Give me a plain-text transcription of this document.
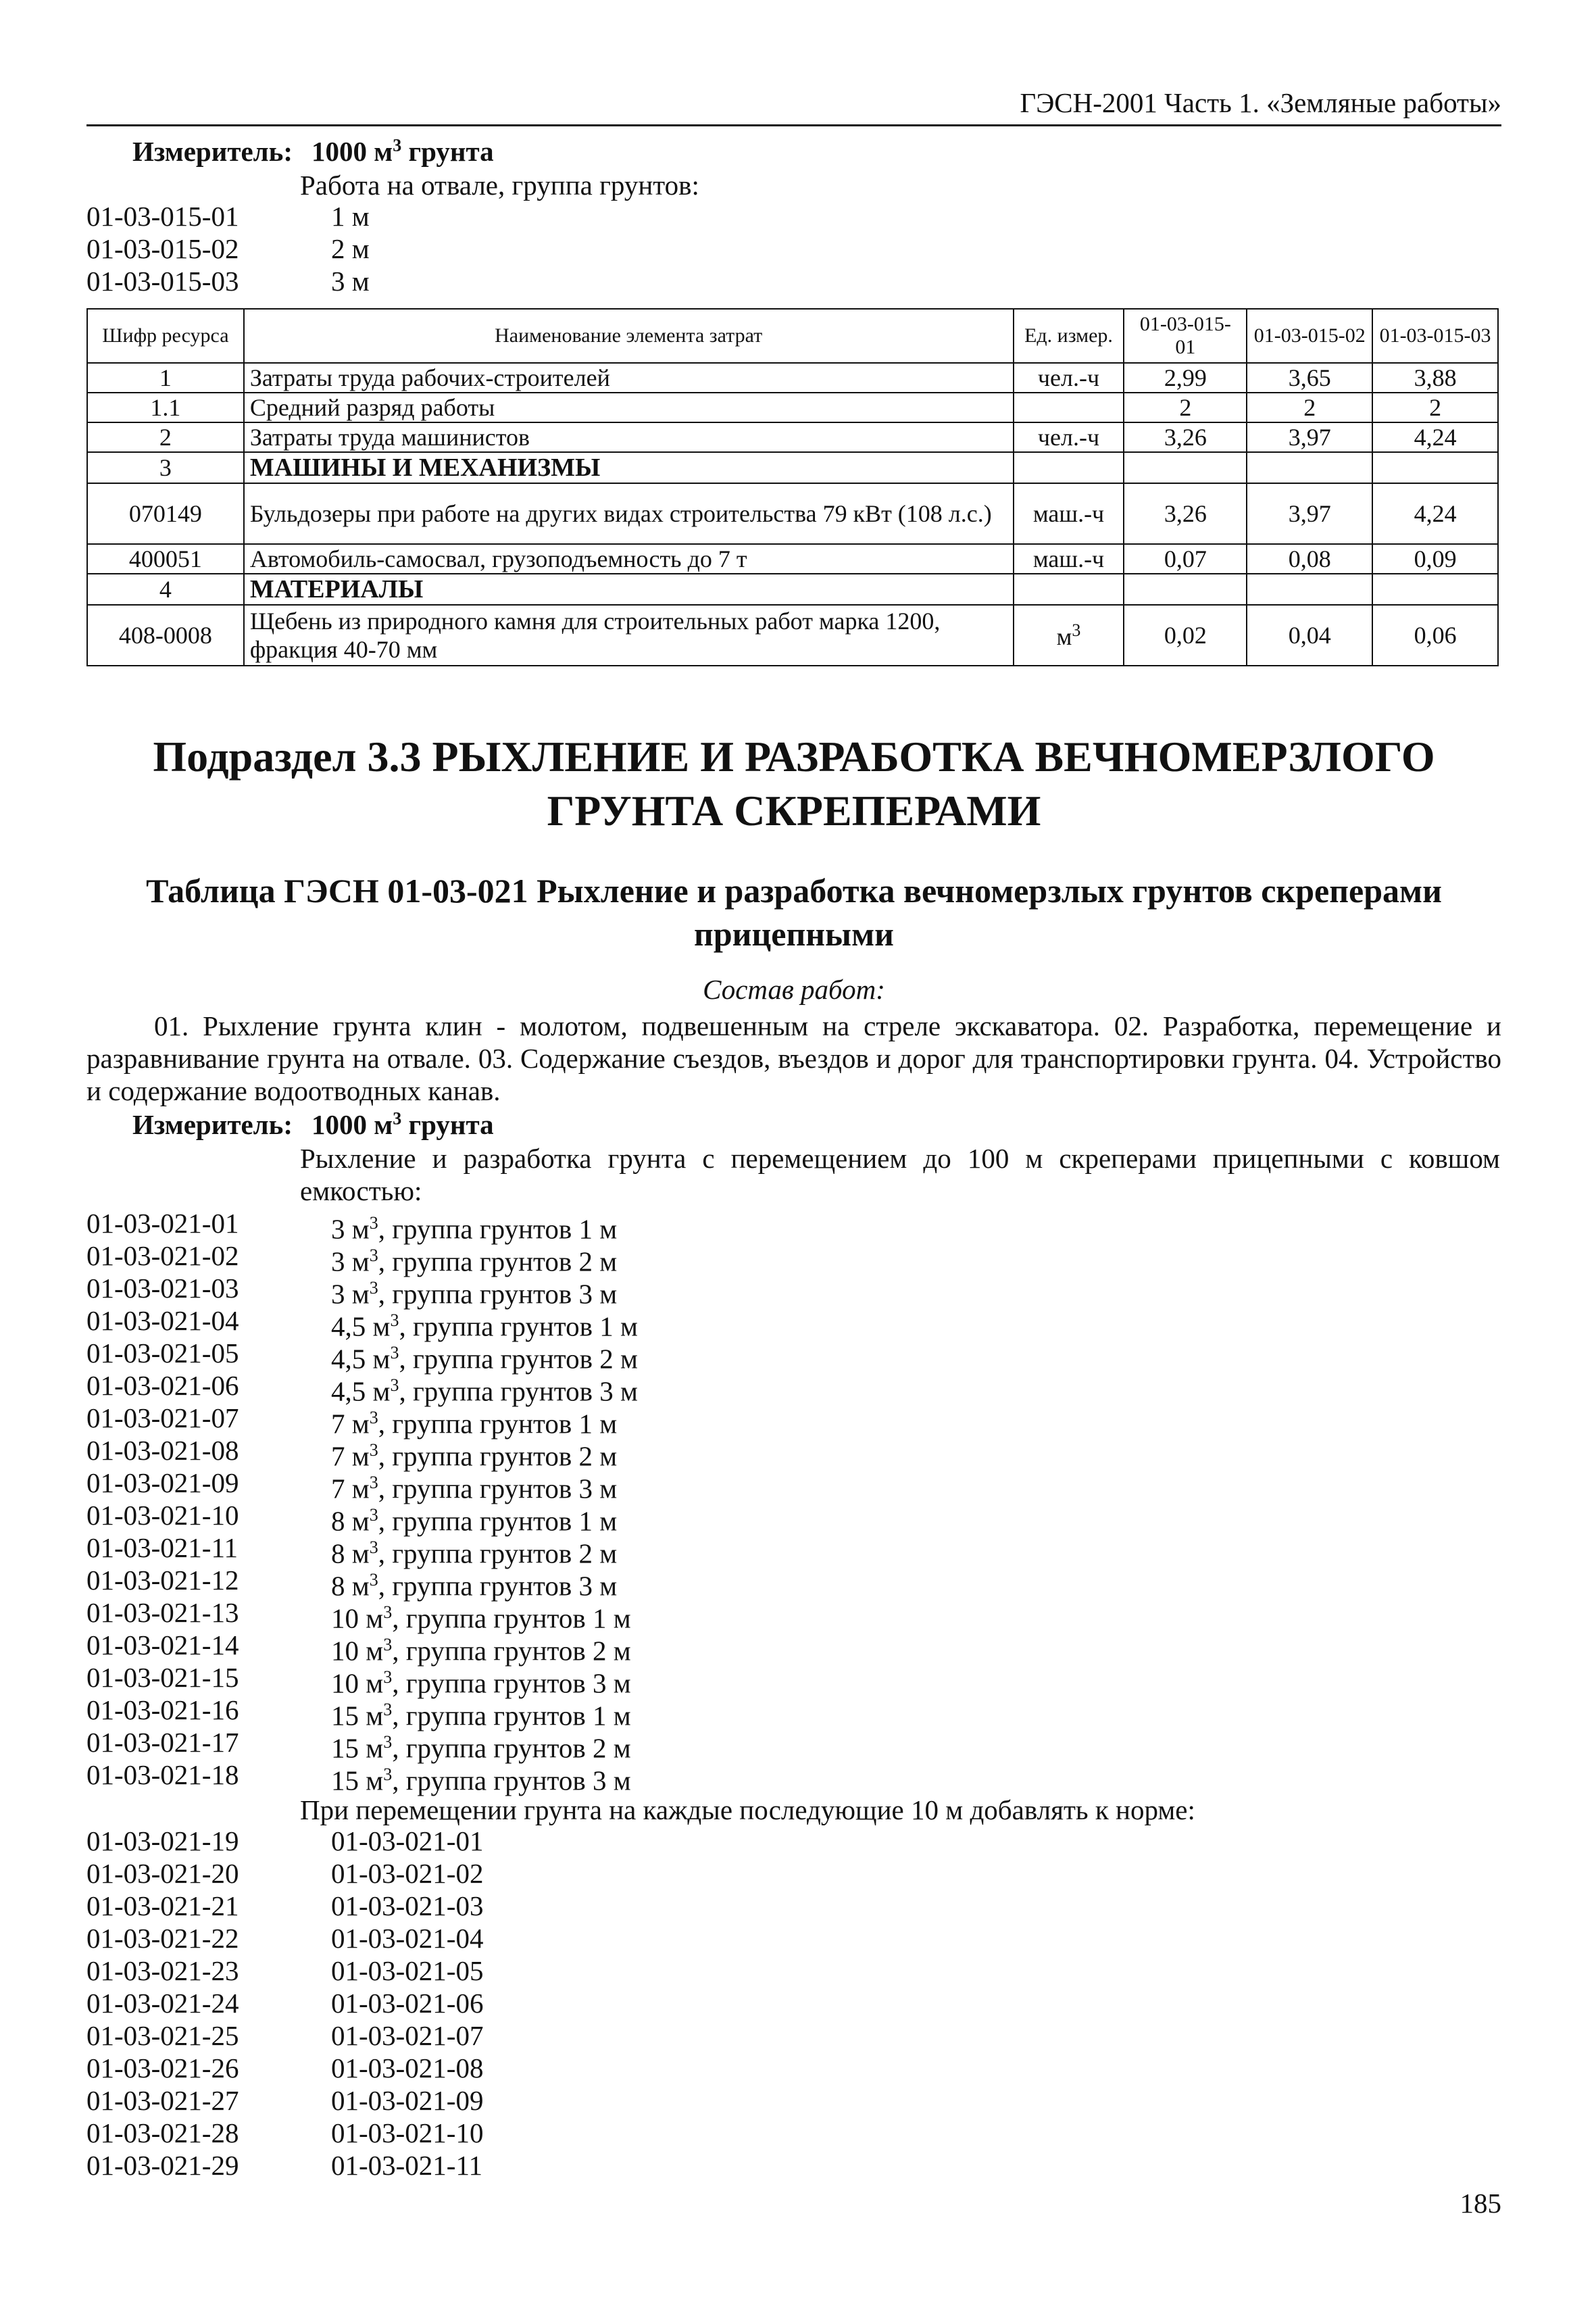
ГЭСН-2001 Часть 1. «Земляные работы»
Измеритель: 1000 $м^3$ грунта
Работа на отвале, группа грунтов:
01-03-015-01	1 м
01-03-015-02	2 м
01-03-015-03	3 м
Шифр ресурса	Наименование элемента затрат	Ед. измер.	01-03-015-01	01-03-015-02	01-03-015-03
1	Затраты труда рабочих-строителей	чел.-ч	2,99	3,65	3,88
1.1	Средний разряд работы		2	2	2
2	Затраты труда машинистов	чел.-ч	3,26	3,97	4,24
3	МАШИНЫ И МЕХАНИЗМЫ				
070149	Бульдозеры при работе на других видах строительства 79 кВт (108 л.с.)	маш.-ч	3,26	3,97	4,24
400051	Автомобиль-самосвал, грузоподъемность до 7 т	маш.-ч	0,07	0,08	0,09
4	МАТЕРИАЛЫ				
408-0008	Щебень из природного камня для строительных работ марка 1200, фракция 40-70 мм	$м^3$	0,02	0,04	0,06
Подраздел 3.3 РЫХЛЕНИЕ И РАЗРАБОТКА ВЕЧНОМЕРЗЛОГО ГРУНТА СКРЕПЕРАМИ
Таблица ГЭСН 01-03-021 Рыхление и разработка вечномерзлых грунтов скреперами прицепными
Состав работ:
01. Рыхление грунта клин - молотом, подвешенным на стреле экскаватора. 02. Разработка, перемещение и разравнивание грунта на отвале. 03. Содержание съездов, въездов и дорог для транспортировки грунта. 04. Устройство и содержание водоотводных канав.
Измеритель: 1000 $м^3$ грунта
Рыхление и разработка грунта с перемещением до 100 м скреперами прицепными с ковшом емкостью:
01-03-021-01	3 $м^3$, группа грунтов 1 м
01-03-021-02	3 $м^3$, группа грунтов 2 м
01-03-021-03	3 $м^3$, группа грунтов 3 м
01-03-021-04	4,5 $м^3$, группа грунтов 1 м
01-03-021-05	4,5 $м^3$, группа грунтов 2 м
01-03-021-06	4,5 $м^3$, группа грунтов 3 м
01-03-021-07	7 $м^3$, группа грунтов 1 м
01-03-021-08	7 $м^3$, группа грунтов 2 м
01-03-021-09	7 $м^3$, группа грунтов 3 м
01-03-021-10	8 $м^3$, группа грунтов 1 м
01-03-021-11	8 $м^3$, группа грунтов 2 м
01-03-021-12	8 $м^3$, группа грунтов 3 м
01-03-021-13	10 $м^3$, группа грунтов 1 м
01-03-021-14	10 $м^3$, группа грунтов 2 м
01-03-021-15	10 $м^3$, группа грунтов 3 м
01-03-021-16	15 $м^3$, группа грунтов 1 м
01-03-021-17	15 $м^3$, группа грунтов 2 м
01-03-021-18	15 $м^3$, группа грунтов 3 м
При перемещении грунта на каждые последующие 10 м добавлять к норме:
01-03-021-19	01-03-021-01
01-03-021-20	01-03-021-02
01-03-021-21	01-03-021-03
01-03-021-22	01-03-021-04
01-03-021-23	01-03-021-05
01-03-021-24	01-03-021-06
01-03-021-25	01-03-021-07
01-03-021-26	01-03-021-08
01-03-021-27	01-03-021-09
01-03-021-28	01-03-021-10
01-03-021-29	01-03-021-11
185
